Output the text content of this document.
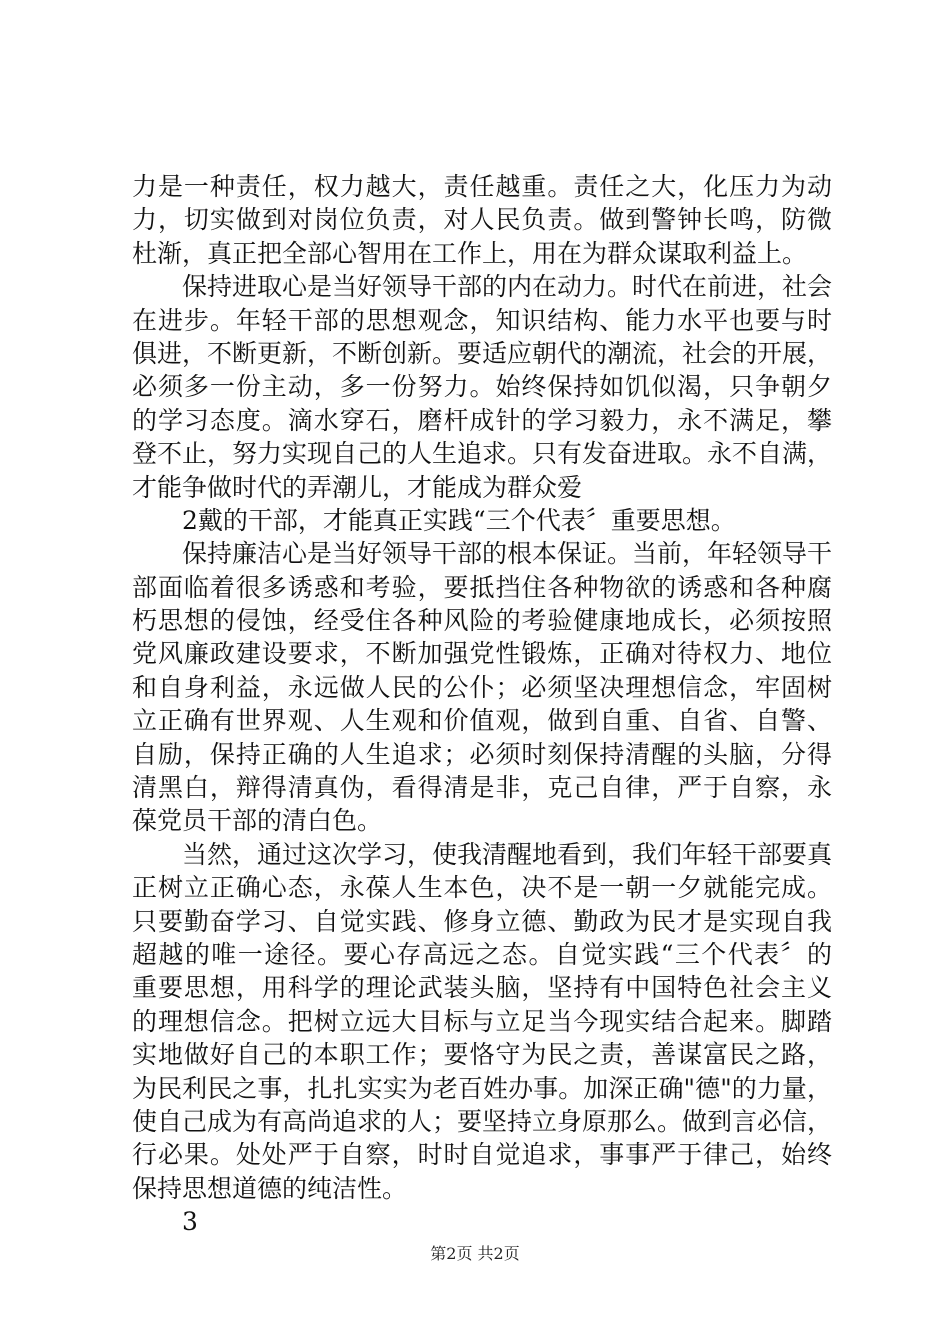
力是一种责任，权力越大，责任越重。责任之大，化压力为动
力，切实做到对岗位负责，对人民负责。做到警钟长鸣，防微
杜渐，真正把全部心智用在工作上，用在为群众谋取利益上。
保持进取心是当好领导干部的内在动力。时代在前进，社会
在进步。年轻干部的思想观念，知识结构、能力水平也要与时
俱进，不断更新，不断创新。要适应朝代的潮流，社会的开展，
必须多一份主动，多一份努力。始终保持如饥似渴，只争朝夕
的学习态度。滴水穿石，磨杆成针的学习毅力，永不满足，攀
登不止，努力实现自己的人生追求。只有发奋进取。永不自满，
才能争做时代的弄潮儿，才能成为群众爱
2戴的干部，才能真正实践“三个代表〞重要思想。
保持廉洁心是当好领导干部的根本保证。当前，年轻领导干
部面临着很多诱惑和考验，要抵挡住各种物欲的诱惑和各种腐
朽思想的侵蚀，经受住各种风险的考验健康地成长，必须按照
党风廉政建设要求，不断加强党性锻炼，正确对待权力、地位
和自身利益，永远做人民的公仆；必须坚决理想信念，牢固树
立正确有世界观、人生观和价值观，做到自重、自省、自警、
自励，保持正确的人生追求；必须时刻保持清醒的头脑，分得
清黑白，辩得清真伪，看得清是非，克己自律，严于自察，永
葆党员干部的清白色。
当然，通过这次学习，使我清醒地看到，我们年轻干部要真
正树立正确心态，永葆人生本色，决不是一朝一夕就能完成。
只要勤奋学习、自觉实践、修身立德、勤政为民才是实现自我
超越的唯一途径。要心存高远之态。自觉实践“三个代表〞的
重要思想，用科学的理论武装头脑，坚持有中国特色社会主义
的理想信念。把树立远大目标与立足当今现实结合起来。脚踏
实地做好自己的本职工作；要恪守为民之责，善谋富民之路，
为民利民之事，扎扎实实为老百姓办事。加深正确"德"的力量，
使自己成为有高尚追求的人；要坚持立身原那么。做到言必信，
行必果。处处严于自察，时时自觉追求，事事严于律己，始终
保持思想道德的纯洁性。
3
第2页 共2页
